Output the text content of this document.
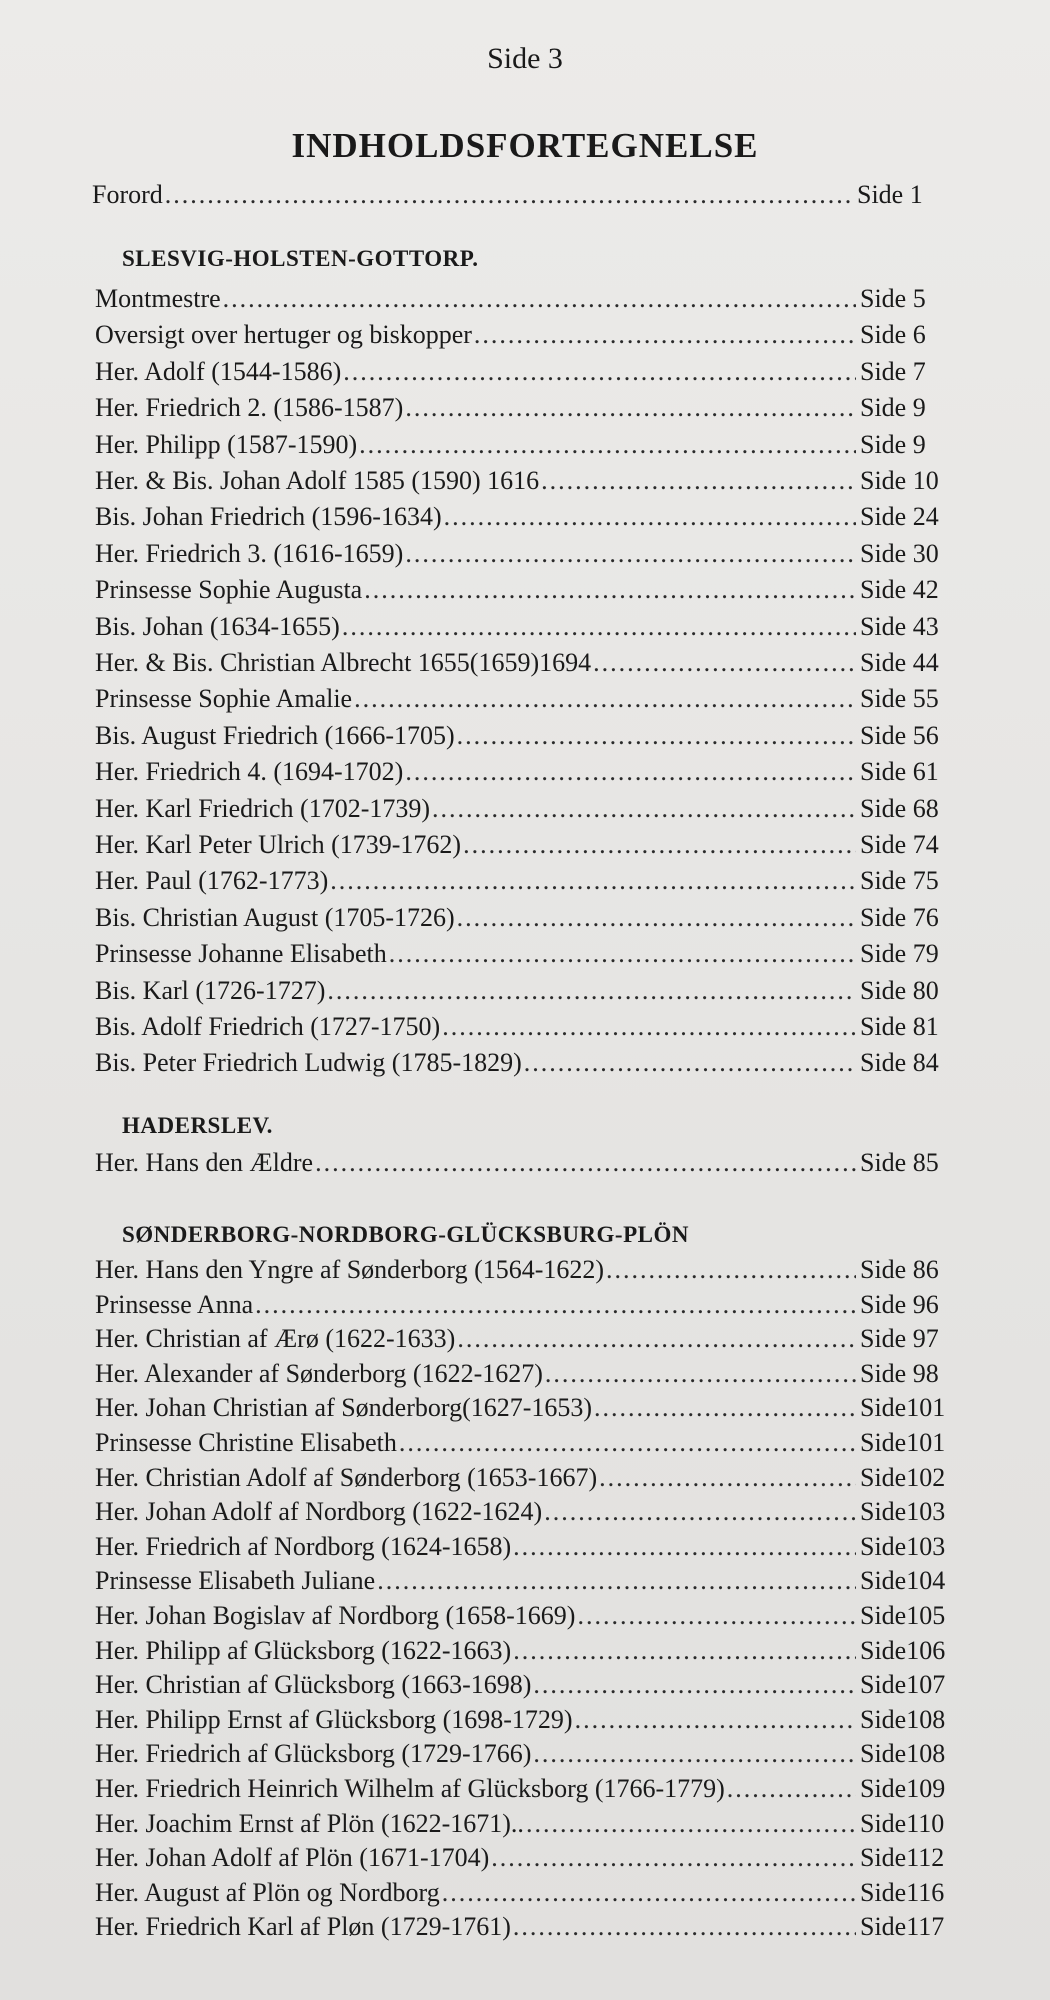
Side 3
INDHOLDSFORTEGNELSE
Forord .....	Side 1
SLESVIG-HOLSTEN-GOTTORP.
Montmestre .....	Side 5
Oversigt over hertuger og biskopper .....	Side 6
Her. Adolf (1544-1586) .....	Side 7
Her. Friedrich 2. (1586-1587) .....	Side 9
Her. Philipp (1587-1590) .....	Side 9
Her. & Bis. Johan Adolf 1585 (1590) 1616 .....	Side 10
Bis. Johan Friedrich (1596-1634) .....	Side 24
Her. Friedrich 3. (1616-1659) .....	Side 30
Prinsesse Sophie Augusta .....	Side 42
Bis. Johan (1634-1655) .....	Side 43
Her. & Bis. Christian Albrecht 1655(1659)1694 .....	Side 44
Prinsesse Sophie Amalie .....	Side 55
Bis. August Friedrich (1666-1705) .....	Side 56
Her. Friedrich 4. (1694-1702) .....	Side 61
Her. Karl Friedrich (1702-1739) .....	Side 68
Her. Karl Peter Ulrich (1739-1762) .....	Side 74
Her. Paul (1762-1773) .....	Side 75
Bis. Christian August (1705-1726) .....	Side 76
Prinsesse Johanne Elisabeth .....	Side 79
Bis. Karl (1726-1727) .....	Side 80
Bis. Adolf Friedrich (1727-1750) .....	Side 81
Bis. Peter Friedrich Ludwig (1785-1829) .....	Side 84
HADERSLEV.
Her. Hans den Ældre .....	Side 85
SØNDERBORG-NORDBORG-GLÜCKSBURG-PLÖN
Her. Hans den Yngre af Sønderborg (1564-1622) .....	Side 86
Prinsesse Anna .....	Side 96
Her. Christian af Ærø (1622-1633) .....	Side 97
Her. Alexander af Sønderborg (1622-1627) .....	Side 98
Her. Johan Christian af Sønderborg(1627-1653) .....	Side101
Prinsesse Christine Elisabeth .....	Side101
Her. Christian Adolf af Sønderborg (1653-1667) .....	Side102
Her. Johan Adolf af Nordborg (1622-1624) .....	Side103
Her. Friedrich af Nordborg (1624-1658) .....	Side103
Prinsesse Elisabeth Juliane .....	Side104
Her. Johan Bogislav af Nordborg (1658-1669) .....	Side105
Her. Philipp af Glücksborg (1622-1663) .....	Side106
Her. Christian af Glücksborg (1663-1698) .....	Side107
Her. Philipp Ernst af Glücksborg (1698-1729) .....	Side108
Her. Friedrich af Glücksborg (1729-1766) .....	Side108
Her. Friedrich Heinrich Wilhelm af Glücksborg (1766-1779) .....	Side109
Her. Joachim Ernst af Plön (1622-1671).. .....	Side110
Her. Johan Adolf af Plön (1671-1704) .....	Side112
Her. August af Plön og Nordborg .....	Side116
Her. Friedrich Karl af Pløn (1729-1761) .....	Side117
